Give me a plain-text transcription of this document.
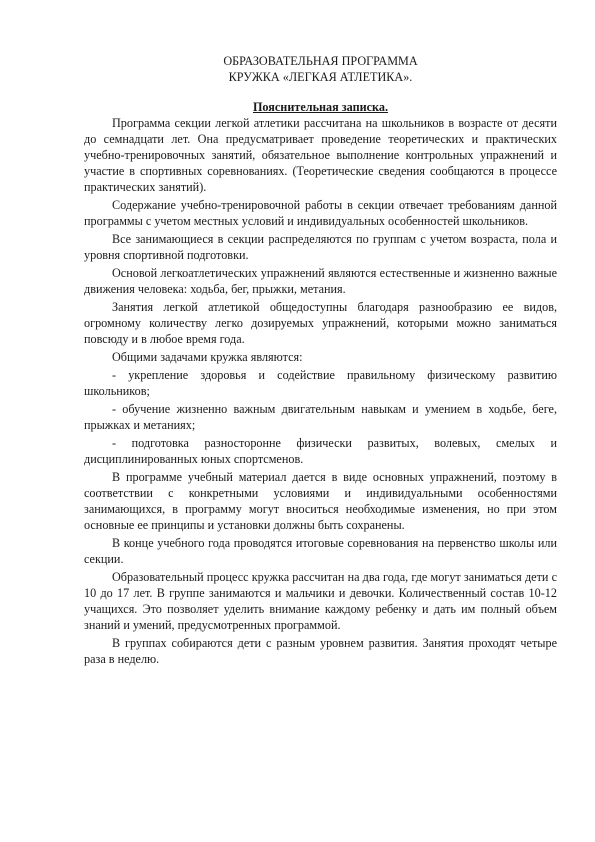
ОБРАЗОВАТЕЛЬНАЯ ПРОГРАММА

КРУЖКА «ЛЕГКАЯ АТЛЕТИКА».

Пояснительная записка.

Программа секции легкой атлетики рассчитана на школьников в возрасте от десяти до семнадцати лет. Она предусматривает проведение теоретических и практических учебно-тренировочных занятий, обязательное выполнение контрольных упражнений и участие в спортивных соревнованиях. (Теоретические сведения сообщаются в процессе практических занятий).

Содержание учебно-тренировочной работы в секции отвечает требованиям данной программы с учетом местных условий и индивидуальных особенностей школьников.

Все занимающиеся в секции распределяются по группам с учетом возраста, пола и уровня спортивной подготовки.

Основой легкоатлетических упражнений являются естественные и жизненно важные движения человека: ходьба, бег, прыжки, метания.

Занятия легкой атлетикой общедоступны благодаря разнообразию ее видов, огромному количеству легко дозируемых упражнений, которыми можно заниматься повсюду и в любое время года.

Общими задачами кружка являются:

- укрепление здоровья и содействие правильному физическому развитию школьников;

- обучение жизненно важным двигательным навыкам и умением в ходьбе, беге, прыжках и метаниях;

- подготовка разносторонне физически развитых, волевых, смелых и дисциплинированных юных спортсменов.

В программе учебный материал дается в виде основных упражнений, поэтому в соответствии с конкретными условиями и индивидуальными особенностями занимающихся, в программу могут вноситься необходимые изменения, но при этом основные ее принципы и установки должны быть сохранены.

В конце учебного года проводятся итоговые соревнования на первенство школы или секции.

Образовательный процесс кружка рассчитан на два года, где могут заниматься дети с 10 до 17 лет. В группе занимаются и мальчики и девочки. Количественный состав 10-12 учащихся. Это позволяет уделить внимание каждому ребенку и дать им полный объем знаний и умений, предусмотренных программой.

В группах собираются дети с разным уровнем развития. Занятия проходят четыре раза в неделю.
